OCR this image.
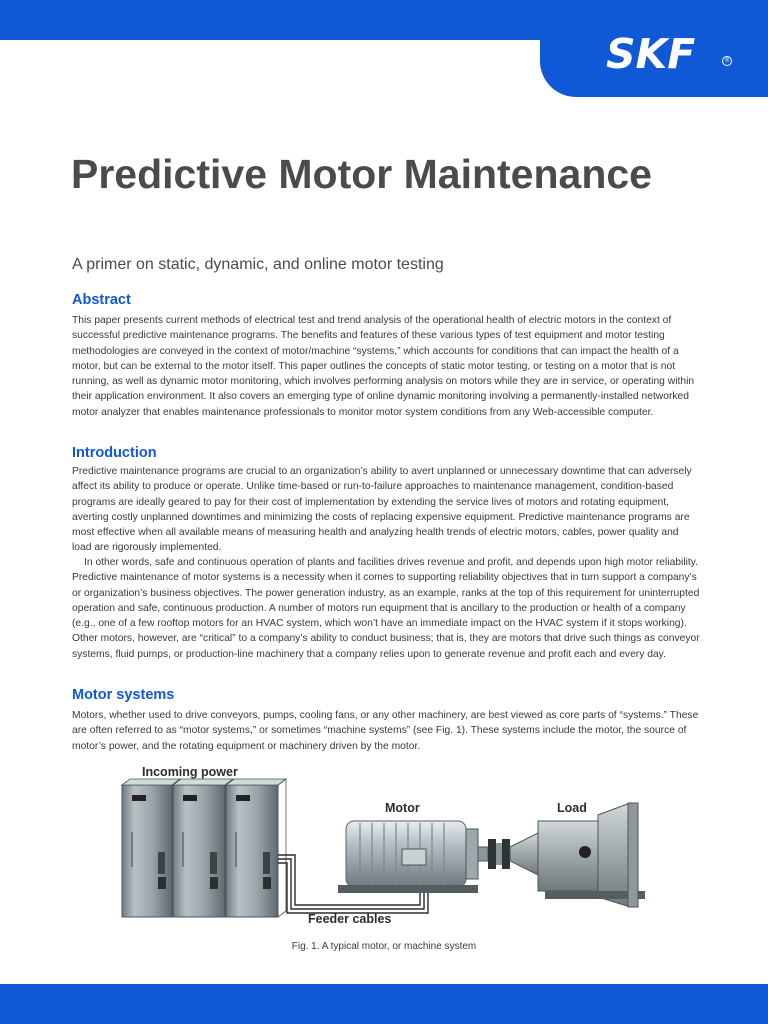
SKF	®
Predictive Motor Maintenance
A primer on static, dynamic, and online motor testing
Abstract

This paper presents current methods of electrical test and trend analysis of the operational health of electric motors in the context of successful predictive maintenance programs. The benefits and features of these various types of test equipment and motor testing methodologies are conveyed in the context of motor/machine “systems,” which accounts for conditions that can impact the health of a motor, but can be external to the motor itself. This paper outlines the concepts of static motor testing, or testing on a motor that is not running, as well as dynamic motor monitoring, which involves performing analysis on motors while they are in service, or operating within their application environment. It also covers an emerging type of online dynamic monitoring involving a permanently-installed networked motor analyzer that enables maintenance professionals to monitor motor system conditions from any Web-accessible computer.

Introduction

Predictive maintenance programs are crucial to an organization’s ability to avert unplanned or unnecessary downtime that can adversely affect its ability to produce or operate. Unlike time-based or run-to-failure approaches to maintenance management, condition-based programs are ideally geared to pay for their cost of implementation by extending the service lives of motors and rotating equipment, averting costly unplanned downtimes and minimizing the costs of replacing expensive equipment. Predictive maintenance programs are most effective when all available means of measuring health and analyzing health trends of electric motors, cables, power quality and load are rigorously implemented.

In other words, safe and continuous operation of plants and facilities drives revenue and profit, and depends upon high motor reliability. Predictive maintenance of motor systems is a necessity when it comes to supporting reliability objectives that in turn support a company’s or organization’s business objectives. The power generation industry, as an example, ranks at the top of this requirement for uninterrupted operation and safe, continuous production. A number of motors run equipment that is ancillary to the production or health of a company (e.g., one of a few rooftop motors for an HVAC system, which won’t have an immediate impact on the HVAC system if it stops working). Other motors, however, are “critical” to a company’s ability to conduct business; that is, they are motors that drive such things as conveyor systems, fluid pumps, or production-line machinery that a company relies upon to generate revenue and profit each and every day.

Motor systems

Motors, whether used to drive conveyors, pumps, cooling fans, or any other machinery, are best viewed as core parts of “systems.” These are often referred to as “motor systems,” or sometimes “machine systems” (see Fig. 1). These systems include the motor, the source of motor’s power, and the rotating equipment or machinery driven by the motor.

Incoming power
Motor	Load
Feeder cables
Fig. 1. A typical motor, or machine system
